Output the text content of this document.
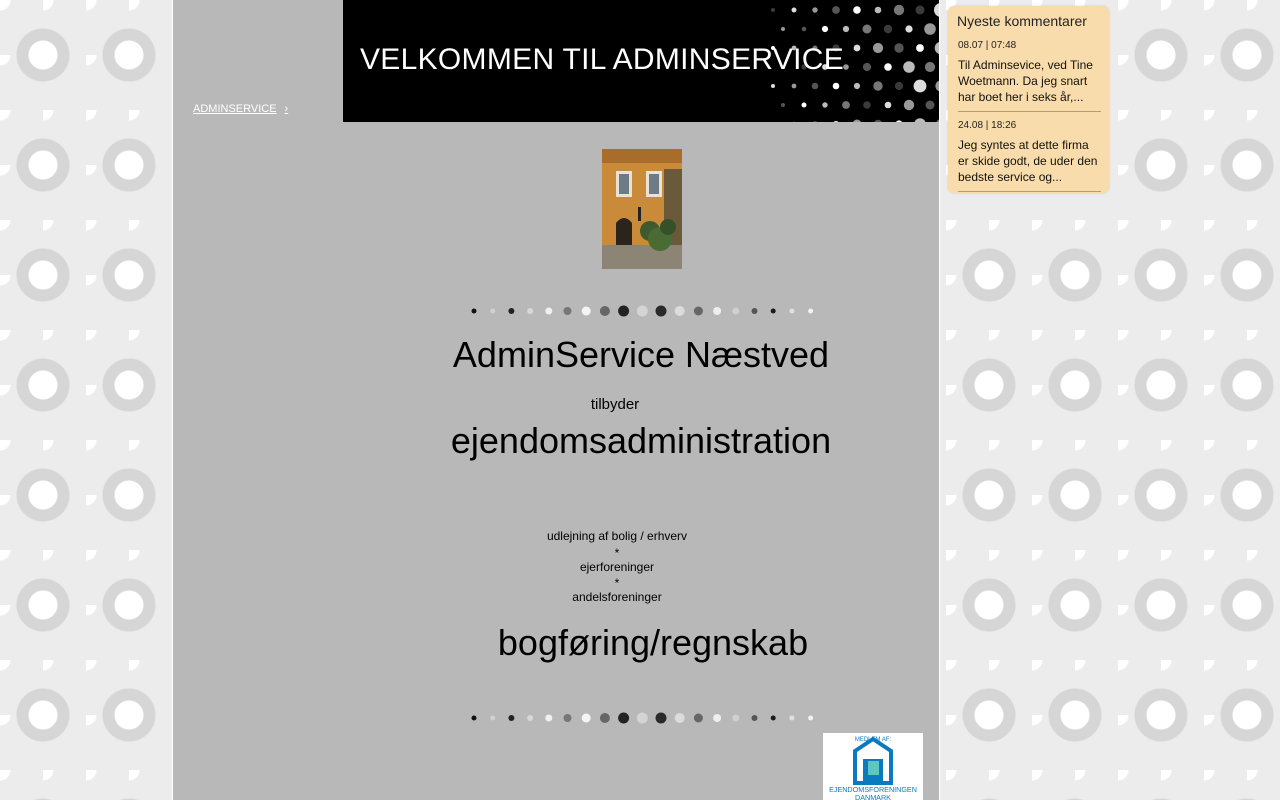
ADMINSERVICE ›
VELKOMMEN TIL ADMINSERVICE
AdminService Næstved
tilbyder
ejendomsadministration
udlejning af bolig / erhverv
*
ejerforeninger
*
andelsforeninger
bogføring/regnskab
MEDLEM AF:
EJENDOMSFORENINGEN
DANMARK
Nyeste kommentarer
08.07 | 07:48
Til Adminsevice, ved Tine Woetmann. Da jeg snart har boet her i seks år,...
24.08 | 18:26
Jeg syntes at dette firma er skide godt, de uder den bedste service og...
